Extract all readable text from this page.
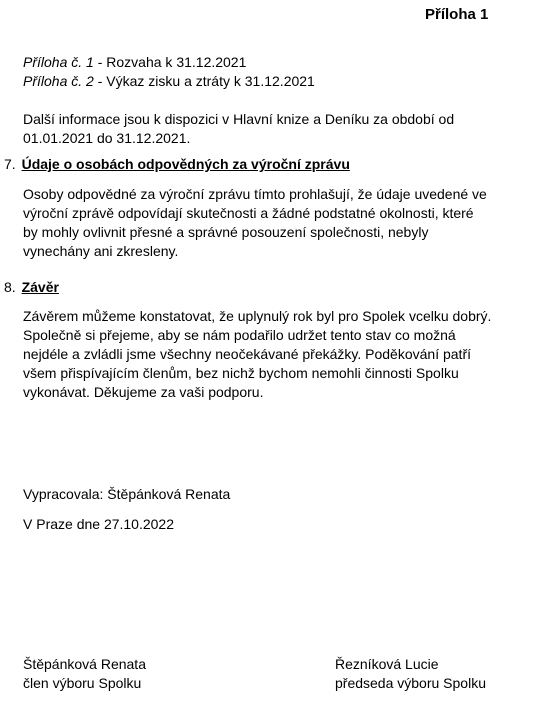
Příloha 1

Příloha č. 1 - Rozvaha k 31.12.2021

Příloha č. 2 - Výkaz zisku a ztráty k 31.12.2021

Další informace jsou k dispozici v Hlavní knize a Deníku za období od

01.01.2021 do 31.12.2021.

7. Údaje o osobách odpovědných za výroční zprávu

Osoby odpovědné za výroční zprávu tímto prohlašují, že údaje uvedené ve

výroční zprávě odpovídají skutečnosti a žádné podstatné okolnosti, které

by mohly ovlivnit přesné a správné posouzení společnosti, nebyly

vynechány ani zkresleny.

8. Závěr

Závěrem můžeme konstatovat, že uplynulý rok byl pro Spolek vcelku dobrý.

Společně si přejeme, aby se nám podařilo udržet tento stav co možná

nejdéle a zvládli jsme všechny neočekávané překážky. Poděkování patří

všem přispívajícím členům, bez nichž bychom nemohli činnosti Spolku

vykonávat. Děkujeme za vaši podporu.

Vypracovala: Štěpánková Renata
V Praze dne 27.10.2022

Štěpánková Renata

člen výboru Spolku

Řezníková Lucie

předseda výboru Spolku
